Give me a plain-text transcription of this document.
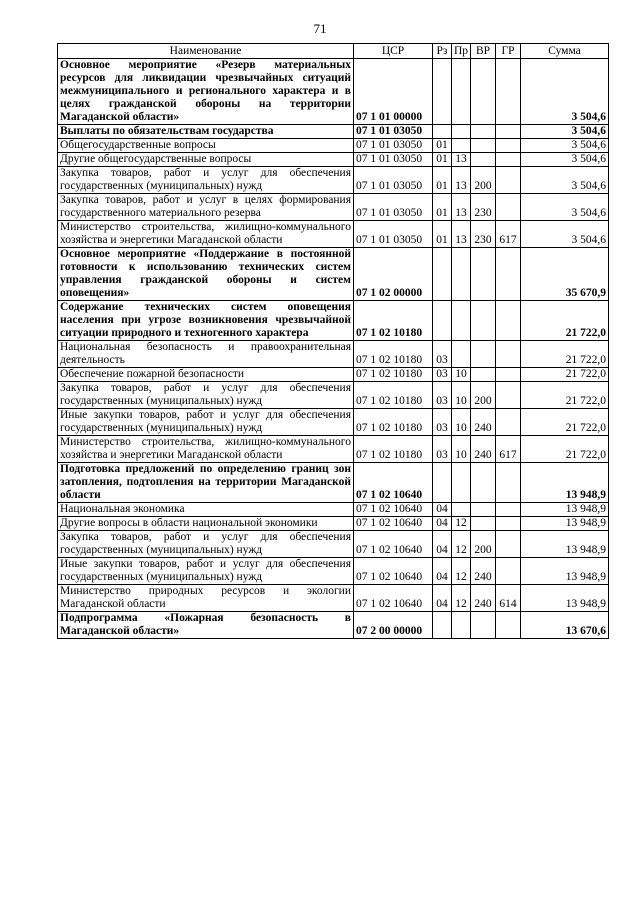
71
Наименование	ЦСР	Рз	Пр	ВР	ГР	Сумма
Основное мероприятие «Резерв материальных ресурсов для ликвидации чрезвычайных ситуаций межмуниципального и регионального характера и в целях гражданской обороны на территории Магаданской области»	07 1 01 00000					3 504,6
Выплаты по обязательствам государства	07 1 01 03050					3 504,6
Общегосударственные вопросы	07 1 01 03050	01				3 504,6
Другие общегосударственные вопросы	07 1 01 03050	01	13			3 504,6
Закупка товаров, работ и услуг для обеспечения государственных (муниципальных) нужд	07 1 01 03050	01	13	200		3 504,6
Закупка товаров, работ и услуг в целях формирования государственного материального резерва	07 1 01 03050	01	13	230		3 504,6
Министерство строительства, жилищно-коммунального хозяйства и энергетики Магаданской области	07 1 01 03050	01	13	230	617	3 504,6
Основное мероприятие «Поддержание в постоянной готовности к использованию технических систем управления гражданской обороны и систем оповещения»	07 1 02 00000					35 670,9
Содержание технических систем оповещения населения при угрозе возникновения чрезвычайной ситуации природного и техногенного характера	07 1 02 10180					21 722,0
Национальная безопасность и правоохранительная деятельность	07 1 02 10180	03				21 722,0
Обеспечение пожарной безопасности	07 1 02 10180	03	10			21 722,0
Закупка товаров, работ и услуг для обеспечения государственных (муниципальных) нужд	07 1 02 10180	03	10	200		21 722,0
Иные закупки товаров, работ и услуг для обеспечения государственных (муниципальных) нужд	07 1 02 10180	03	10	240		21 722,0
Министерство строительства, жилищно-коммунального хозяйства и энергетики Магаданской области	07 1 02 10180	03	10	240	617	21 722,0
Подготовка предложений по определению границ зон затопления, подтопления на территории Магаданской области	07 1 02 10640					13 948,9
Национальная экономика	07 1 02 10640	04				13 948,9
Другие вопросы в области национальной экономики	07 1 02 10640	04	12			13 948,9
Закупка товаров, работ и услуг для обеспечения государственных (муниципальных) нужд	07 1 02 10640	04	12	200		13 948,9
Иные закупки товаров, работ и услуг для обеспечения государственных (муниципальных) нужд	07 1 02 10640	04	12	240		13 948,9
Министерство природных ресурсов и экологии Магаданской области	07 1 02 10640	04	12	240	614	13 948,9
Подпрограмма «Пожарная безопасность в Магаданской области»	07 2 00 00000					13 670,6
